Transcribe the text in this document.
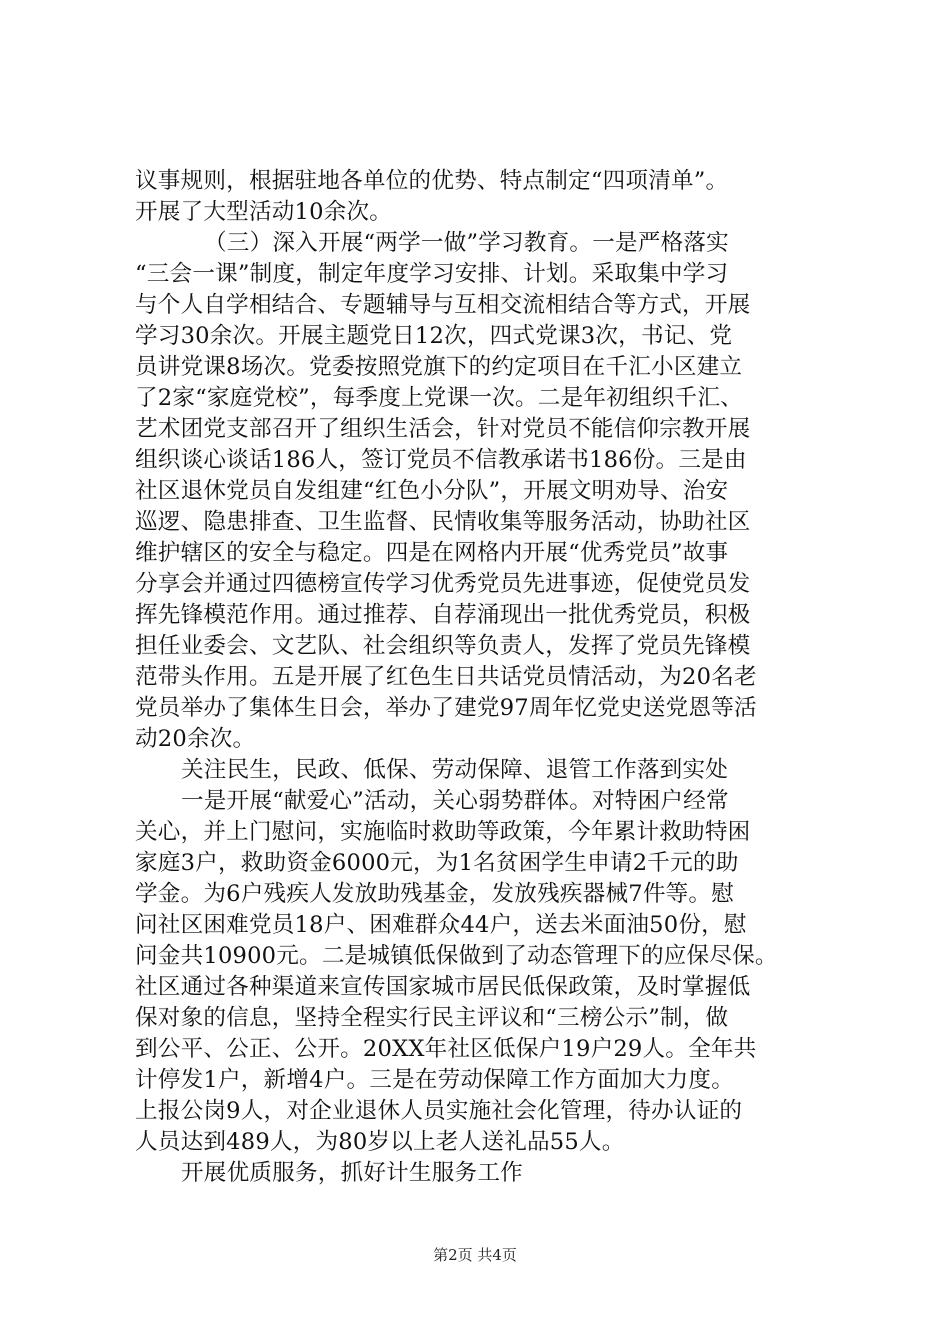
议事规则，根据驻地各单位的优势、特点制定“四项清单”。
开展了大型活动10余次。
（三）深入开展“两学一做”学习教育。一是严格落实
“三会一课”制度，制定年度学习安排、计划。采取集中学习
与个人自学相结合、专题辅导与互相交流相结合等方式，开展
学习30余次。开展主题党日12次，四式党课3次，书记、党
员讲党课8场次。党委按照党旗下的约定项目在千汇小区建立
了2家“家庭党校”，每季度上党课一次。二是年初组织千汇、
艺术团党支部召开了组织生活会，针对党员不能信仰宗教开展
组织谈心谈话186人，签订党员不信教承诺书186份。三是由
社区退休党员自发组建“红色小分队”，开展文明劝导、治安
巡逻、隐患排查、卫生监督、民情收集等服务活动，协助社区
维护辖区的安全与稳定。四是在网格内开展“优秀党员”故事
分享会并通过四德榜宣传学习优秀党员先进事迹，促使党员发
挥先锋模范作用。通过推荐、自荐涌现出一批优秀党员，积极
担任业委会、文艺队、社会组织等负责人，发挥了党员先锋模
范带头作用。五是开展了红色生日共话党员情活动，为20名老
党员举办了集体生日会，举办了建党97周年忆党史送党恩等活
动20余次。
关注民生，民政、低保、劳动保障、退管工作落到实处
一是开展“献爱心”活动，关心弱势群体。对特困户经常
关心，并上门慰问，实施临时救助等政策，今年累计救助特困
家庭3户，救助资金6000元，为1名贫困学生申请2千元的助
学金。为6户残疾人发放助残基金，发放残疾器械7件等。慰
问社区困难党员18户、困难群众44户，送去米面油50份，慰
问金共10900元。二是城镇低保做到了动态管理下的应保尽保。
社区通过各种渠道来宣传国家城市居民低保政策，及时掌握低
保对象的信息，坚持全程实行民主评议和“三榜公示”制，做
到公平、公正、公开。20XX年社区低保户19户29人。全年共
计停发1户，新增4户。三是在劳动保障工作方面加大力度。
上报公岗9人，对企业退休人员实施社会化管理，待办认证的
人员达到489人，为80岁以上老人送礼品55人。
开展优质服务，抓好计生服务工作
第2页 共4页
